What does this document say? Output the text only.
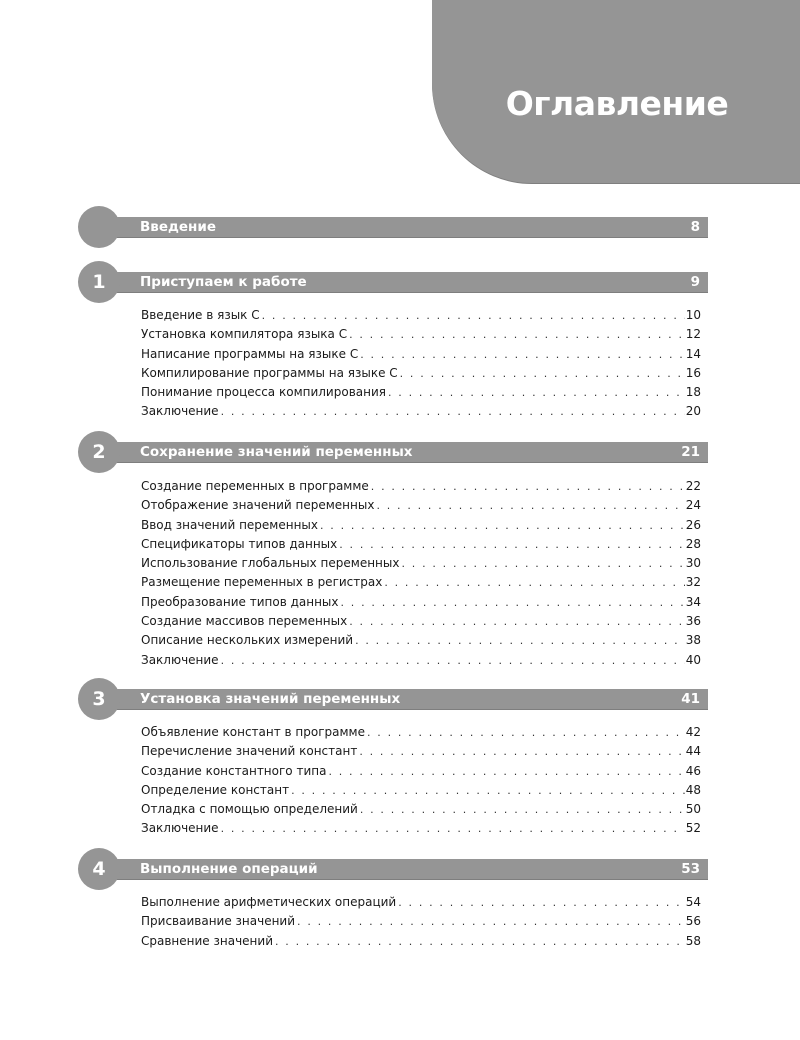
Оглавление
Введение	8
1	Приступаем к работе	9
Введение в язык С . . .	10
Установка компилятора языка С . . .	12
Написание программы на языке С . . .	14
Компилирование программы на языке С . . .	16
Понимание процесса компилирования . . .	18
Заключение . . .	20
2	Сохранение значений переменных	21
Создание переменных в программе . . .	22
Отображение значений переменных . . .	24
Ввод значений переменных . . .	26
Спецификаторы типов данных . . .	28
Использование глобальных переменных . . .	30
Размещение переменных в регистрах . . .	32
Преобразование типов данных . . .	34
Создание массивов переменных . . .	36
Описание нескольких измерений . . .	38
Заключение . . .	40
3	Установка значений переменных	41
Объявление констант в программе . . .	42
Перечисление значений констант . . .	44
Создание константного типа . . .	46
Определение констант . . .	48
Отладка с помощью определений . . .	50
Заключение . . .	52
4	Выполнение операций	53
Выполнение арифметических операций . . .	54
Присваивание значений . . .	56
Сравнение значений . . .	58
